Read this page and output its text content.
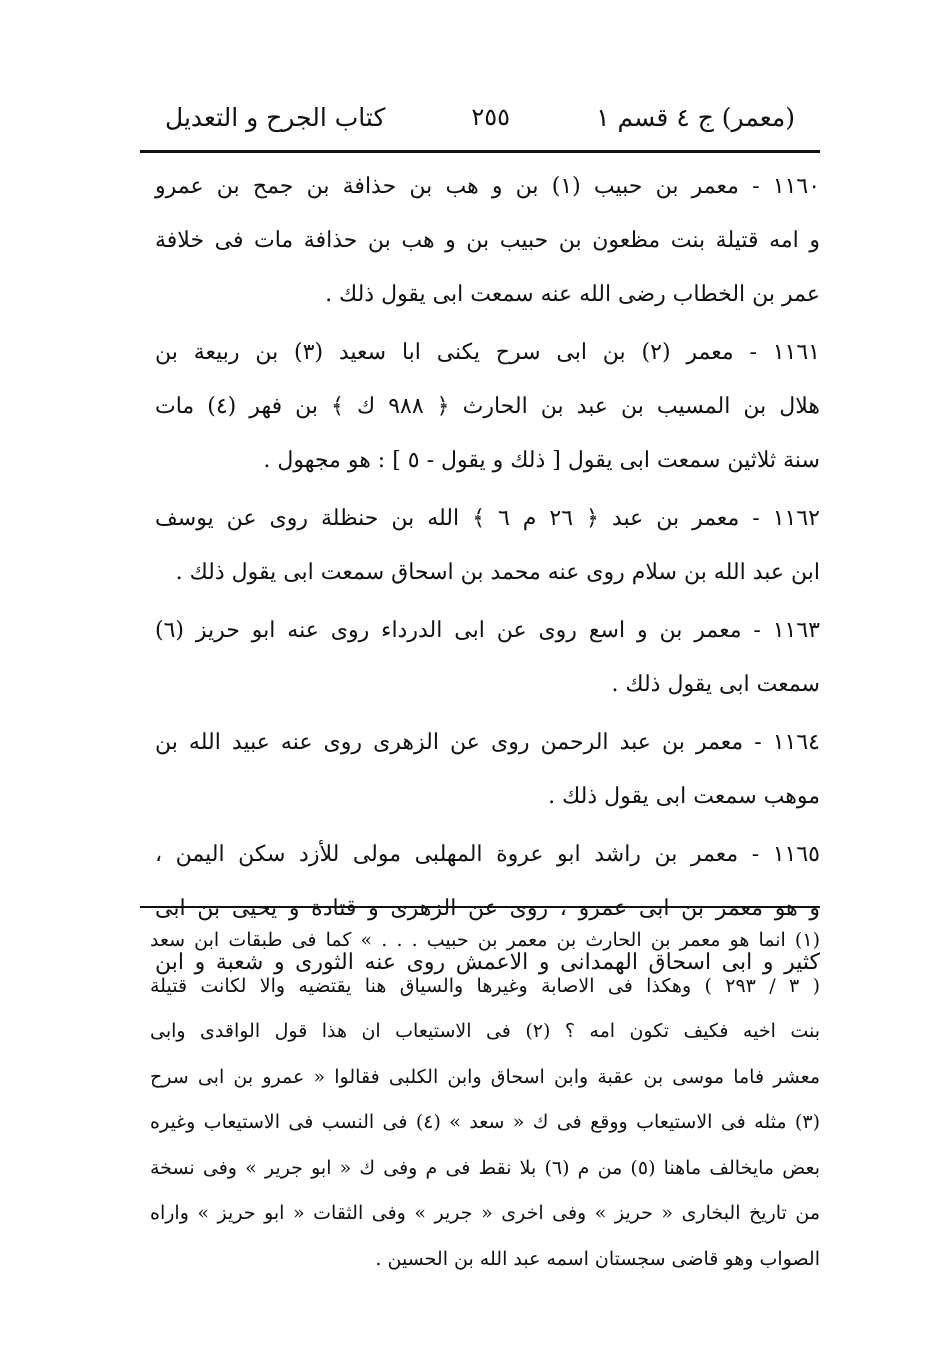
كتاب الجرح و التعديل	٢٥٥	(معمر) ج ٤ قسم ١
١١٦٠ - معمر بن حبيب (١) بن و هب بن حذافة بن جمح بن عمرو
و امه قتيلة بنت مظعون بن حبيب بن و هب بن حذافة مات فى خلافة
عمر بن الخطاب رضى الله عنه سمعت ابى يقول ذلك .
١١٦١ - معمر (٢) بن ابى سرح يكنى ابا سعيد (٣) بن ربيعة بن
هلال بن المسيب بن عبد بن الحارث ﴿ ٩٨٨ ك ﴾ بن فهر (٤) مات
سنة ثلاثين سمعت ابى يقول [ ذلك و يقول - ٥ ] : هو مجهول .
١١٦٢ - معمر بن عبد ﴿ ٢٦ م ٦ ﴾ الله بن حنظلة روى عن يوسف
ابن عبد الله بن سلام روى عنه محمد بن اسحاق سمعت ابى يقول ذلك .
١١٦٣ - معمر بن و اسع روى عن ابى الدرداء روى عنه ابو حريز (٦)
سمعت ابى يقول ذلك .
١١٦٤ - معمر بن عبد الرحمن روى عن الزهرى روى عنه عبيد الله بن
موهب سمعت ابى يقول ذلك .
١١٦٥ - معمر بن راشد ابو عروة المهلبى مولى للأزد سكن اليمن ،
و هو معمر بن ابى عمرو ، روى عن الزهرى و قتادة و يحيى بن ابى
كثير و ابى اسحاق الهمدانى و الاعمش روى عنه الثورى و شعبة و ابن
(١) انما هو معمر بن الحارث بن معمر بن حبيب . . . » كما فى طبقات ابن سعد
( ٣ / ٢٩٣ ) وهكذا فى الاصابة وغيرها والسياق هنا يقتضيه والا لكانت قتيلة
بنت اخيه فكيف تكون امه ؟ (٢) فى الاستيعاب ان هذا قول الواقدى وابى
معشر فاما موسى بن عقبة وابن اسحاق وابن الكلبى فقالوا « عمرو بن ابى سرح
(٣) مثله فى الاستيعاب ووقع فى ك « سعد » (٤) فى النسب فى الاستيعاب وغيره
بعض مايخالف ماهنا (٥) من م (٦) بلا نقط فى م وفى ك « ابو جرير » وفى نسخة
من تاريخ البخارى « حريز » وفى اخرى « جرير » وفى الثقات « ابو حريز » واراه
الصواب وهو قاضى سجستان اسمه عبد الله بن الحسين .
